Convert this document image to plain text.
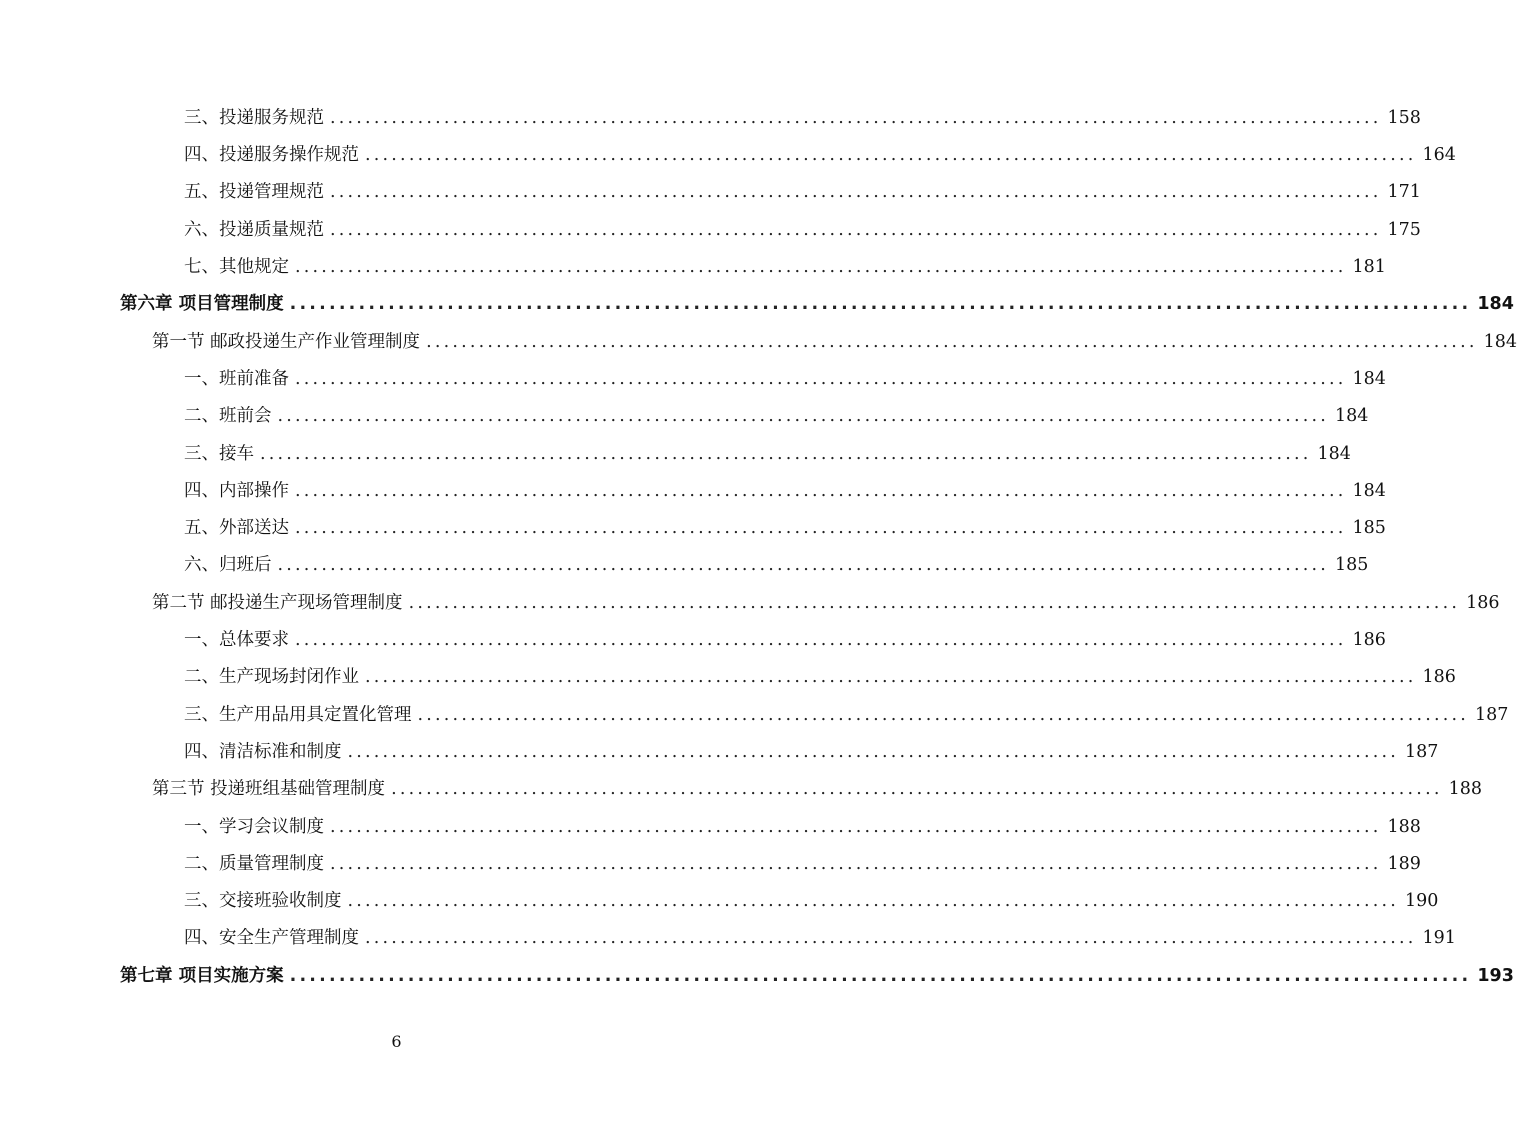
三、投递服务规范 ........................................................................................................................ 158
四、投递服务操作规范 ........................................................................................................................ 164
五、投递管理规范 ........................................................................................................................ 171
六、投递质量规范 ........................................................................................................................ 175
七、其他规定 ........................................................................................................................ 181
第六章 项目管理制度 ........................................................................................................................ 184
第一节 邮政投递生产作业管理制度 ........................................................................................................................ 184
一、班前准备 ........................................................................................................................ 184
二、班前会 ........................................................................................................................ 184
三、接车 ........................................................................................................................ 184
四、内部操作 ........................................................................................................................ 184
五、外部送达 ........................................................................................................................ 185
六、归班后 ........................................................................................................................ 185
第二节 邮投递生产现场管理制度 ........................................................................................................................ 186
一、总体要求 ........................................................................................................................ 186
二、生产现场封闭作业 ........................................................................................................................ 186
三、生产用品用具定置化管理 ........................................................................................................................ 187
四、清洁标准和制度 ........................................................................................................................ 187
第三节 投递班组基础管理制度 ........................................................................................................................ 188
一、学习会议制度 ........................................................................................................................ 188
二、质量管理制度 ........................................................................................................................ 189
三、交接班验收制度 ........................................................................................................................ 190
四、安全生产管理制度 ........................................................................................................................ 191
第七章 项目实施方案 ........................................................................................................................ 193
6
